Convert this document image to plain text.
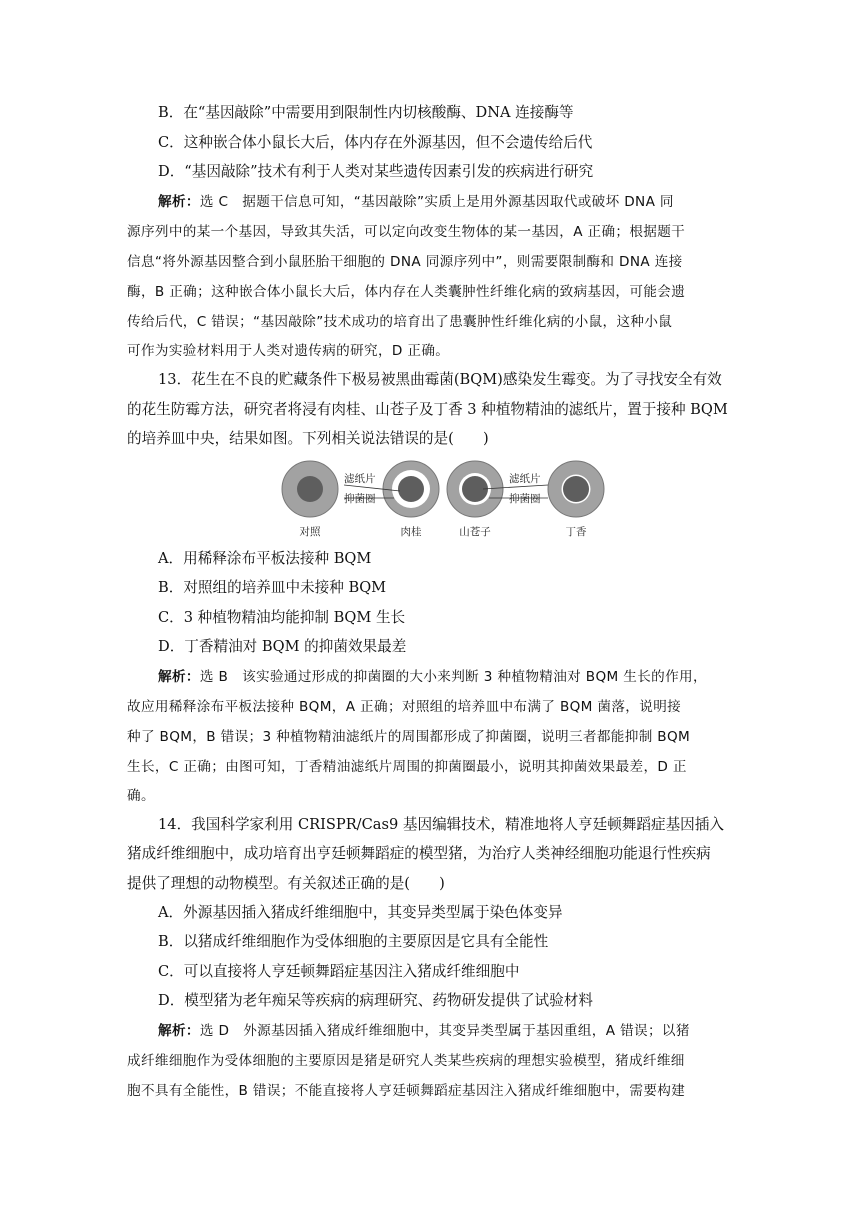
B．在“基因敲除”中需要用到限制性内切核酸酶、DNA 连接酶等
C．这种嵌合体小鼠长大后，体内存在外源基因，但不会遗传给后代
D．“基因敲除”技术有利于人类对某些遗传因素引发的疾病进行研究
解析：选 C　据题干信息可知，“基因敲除”实质上是用外源基因取代或破坏 DNA 同
源序列中的某一个基因，导致其失活，可以定向改变生物体的某一基因，A 正确；根据题干
信息“将外源基因整合到小鼠胚胎干细胞的 DNA 同源序列中”，则需要限制酶和 DNA 连接
酶，B 正确；这种嵌合体小鼠长大后，体内存在人类囊肿性纤维化病的致病基因，可能会遗
传给后代，C 错误；“基因敲除”技术成功的培育出了患囊肿性纤维化病的小鼠，这种小鼠
可作为实验材料用于人类对遗传病的研究，D 正确。
13．花生在不良的贮藏条件下极易被黑曲霉菌(BQM)感染发生霉变。为了寻找安全有效
的花生防霉方法，研究者将浸有肉桂、山苍子及丁香 3 种植物精油的滤纸片，置于接种 BQM
的培养皿中央，结果如图。下列相关说法错误的是(　　)
A．用稀释涂布平板法接种 BQM
B．对照组的培养皿中未接种 BQM
C．3 种植物精油均能抑制 BQM 生长
D．丁香精油对 BQM 的抑菌效果最差
解析：选 B　该实验通过形成的抑菌圈的大小来判断 3 种植物精油对 BQM 生长的作用，
故应用稀释涂布平板法接种 BQM，A 正确；对照组的培养皿中布满了 BQM 菌落，说明接
种了 BQM，B 错误；3 种植物精油滤纸片的周围都形成了抑菌圈，说明三者都能抑制 BQM
生长，C 正确；由图可知，丁香精油滤纸片周围的抑菌圈最小，说明其抑菌效果最差，D 正
确。
14．我国科学家利用 CRISPR/Cas9 基因编辑技术，精准地将人亨廷顿舞蹈症基因插入
猪成纤维细胞中，成功培育出亨廷顿舞蹈症的模型猪，为治疗人类神经细胞功能退行性疾病
提供了理想的动物模型。有关叙述正确的是(　　)
A．外源基因插入猪成纤维细胞中，其变异类型属于染色体变异
B．以猪成纤维细胞作为受体细胞的主要原因是它具有全能性
C．可以直接将人亨廷顿舞蹈症基因注入猪成纤维细胞中
D．模型猪为老年痴呆等疾病的病理研究、药物研发提供了试验材料
解析：选 D　外源基因插入猪成纤维细胞中，其变异类型属于基因重组，A 错误；以猪
成纤维细胞作为受体细胞的主要原因是猪是研究人类某些疾病的理想实验模型，猪成纤维细
胞不具有全能性，B 错误；不能直接将人亨廷顿舞蹈症基因注入猪成纤维细胞中，需要构建
滤纸片
抑菌圈
滤纸片
抑菌圈
对照	肉桂	山苍子	丁香
